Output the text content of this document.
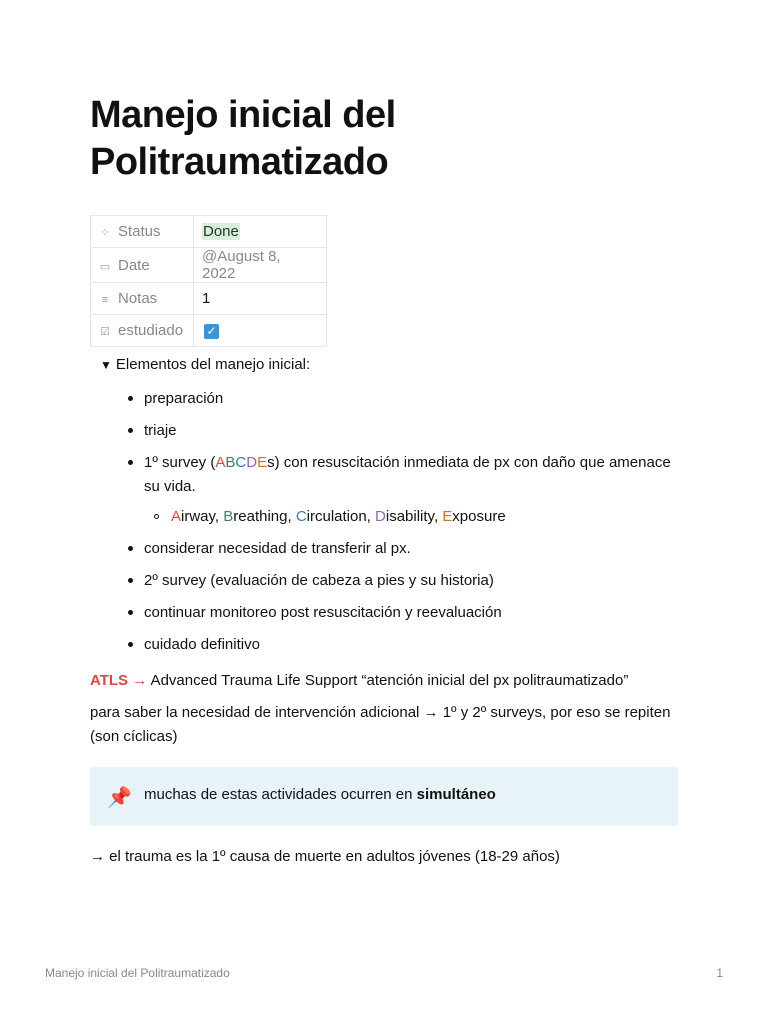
Manejo inicial del
Politraumatizado
⁘ Status	Done
▭ Date	@August 8, 2022
≡ Notas	1
☑ estudiado	✓
▼ Elementos del manejo inicial:
preparación
triaje
1º survey (ABCDEs) con resuscitación inmediata de px con daño que amenace su vida.
Airway, Breathing, Circulation, Disability, Exposure
considerar necesidad de transferir al px.
2º survey (evaluación de cabeza a pies y su historia)
continuar monitoreo post resuscitación y reevaluación
cuidado definitivo
ATLS → Advanced Trauma Life Support “atención inicial del px politraumatizado”
para saber la necesidad de intervención adicional → 1º y 2º surveys, por eso se repiten (son cíclicas)
📌 muchas de estas actividades ocurren en simultáneo
→ el trauma es la 1º causa de muerte en adultos jóvenes (18-29 años)
Manejo inicial del Politraumatizado	1
